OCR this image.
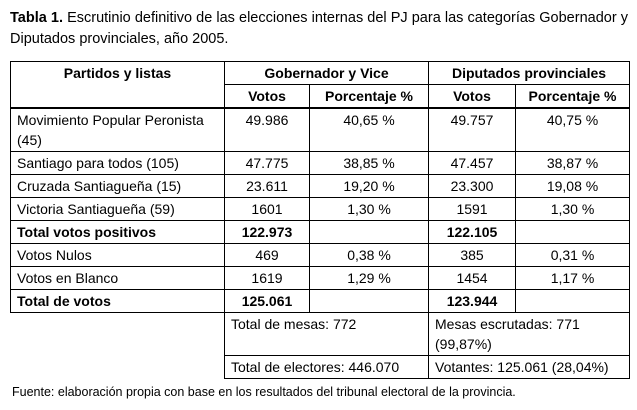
Tabla 1. Escrutinio definitivo de las elecciones internas del PJ para las categorías Gobernador y Diputados provinciales, año 2005.
Partidos y listas	Gobernador y Vice		Diputados provinciales	
	Votos	Porcentaje %	Votos	Porcentaje %
Movimiento Popular Peronista (45)	49.986	40,65 %	49.757	40,75 %
Santiago para todos (105)	47.775	38,85 %	47.457	38,87 %
Cruzada Santiagueña (15)	23.611	19,20 %	23.300	19,08 %
Victoria Santiagueña (59)	1601	1,30 %	1591	1,30 %
Total votos positivos	122.973		122.105	
Votos Nulos	469	0,38 %	385	0,31 %
Votos en Blanco	1619	1,29 %	1454	1,17 %
Total de votos	125.061		123.944	
	Total de mesas: 772		Mesas escrutadas: 771 (99,87%)	
	Total de electores: 446.070		Votantes: 125.061 (28,04%)	
Fuente: elaboración propia con base en los resultados del tribunal electoral de la provincia.
